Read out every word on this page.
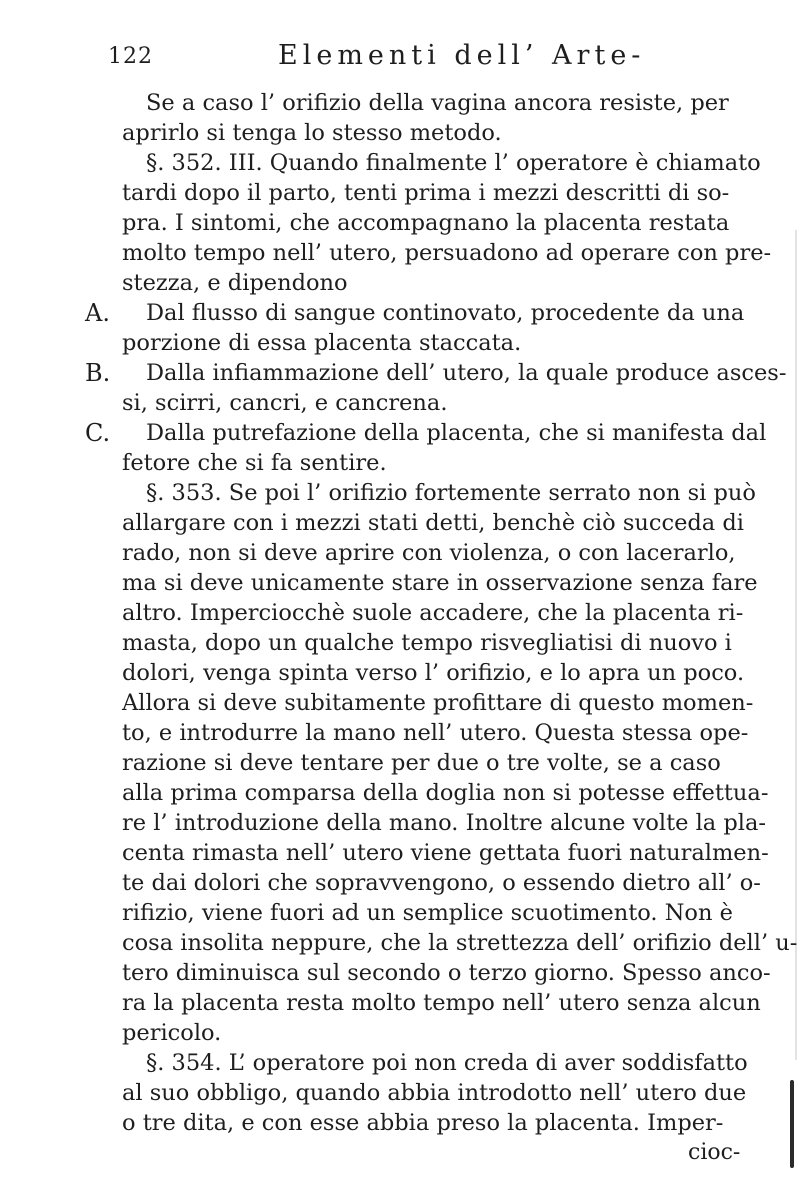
122	Elementi dell’ Arte-
Se a caso l’ orifizio della vagina ancora resiste, per
aprirlo si tenga lo stesso metodo.
§. 352. III. Quando finalmente l’ operatore è chiamato
tardi dopo il parto, tenti prima i mezzi descritti di so-
pra. I sintomi, che accompagnano la placenta restata
molto tempo nell’ utero, persuadono ad operare con pre-
stezza, e dipendono
A. Dal flusso di sangue continovato, procedente da una
porzione di essa placenta staccata.
B. Dalla infiammazione dell’ utero, la quale produce asces-
si, scirri, cancri, e cancrena.
C. Dalla putrefazione della placenta, che si manifesta dal
fetore che si fa sentire.
§. 353. Se poi l’ orifizio fortemente serrato non si può
allargare con i mezzi stati detti, benchè ciò succeda di
rado, non si deve aprire con violenza, o con lacerarlo,
ma si deve unicamente stare in osservazione senza fare
altro. Imperciocchè suole accadere, che la placenta ri-
masta, dopo un qualche tempo risvegliatisi di nuovo i
dolori, venga spinta verso l’ orifizio, e lo apra un poco.
Allora si deve subitamente profittare di questo momen-
to, e introdurre la mano nell’ utero. Questa stessa ope-
razione si deve tentare per due o tre volte, se a caso
alla prima comparsa della doglia non si potesse effettua-
re l’ introduzione della mano. Inoltre alcune volte la pla-
centa rimasta nell’ utero viene gettata fuori naturalmen-
te dai dolori che sopravvengono, o essendo dietro all’ o-
rifizio, viene fuori ad un semplice scuotimento. Non è
cosa insolita neppure, che la strettezza dell’ orifizio dell’ u-
tero diminuisca sul secondo o terzo giorno. Spesso anco-
ra la placenta resta molto tempo nell’ utero senza alcun
pericolo.
§. 354. L’ operatore poi non creda di aver soddisfatto
al suo obbligo, quando abbia introdotto nell’ utero due
o tre dita, e con esse abbia preso la placenta. Imper-
cioc-
